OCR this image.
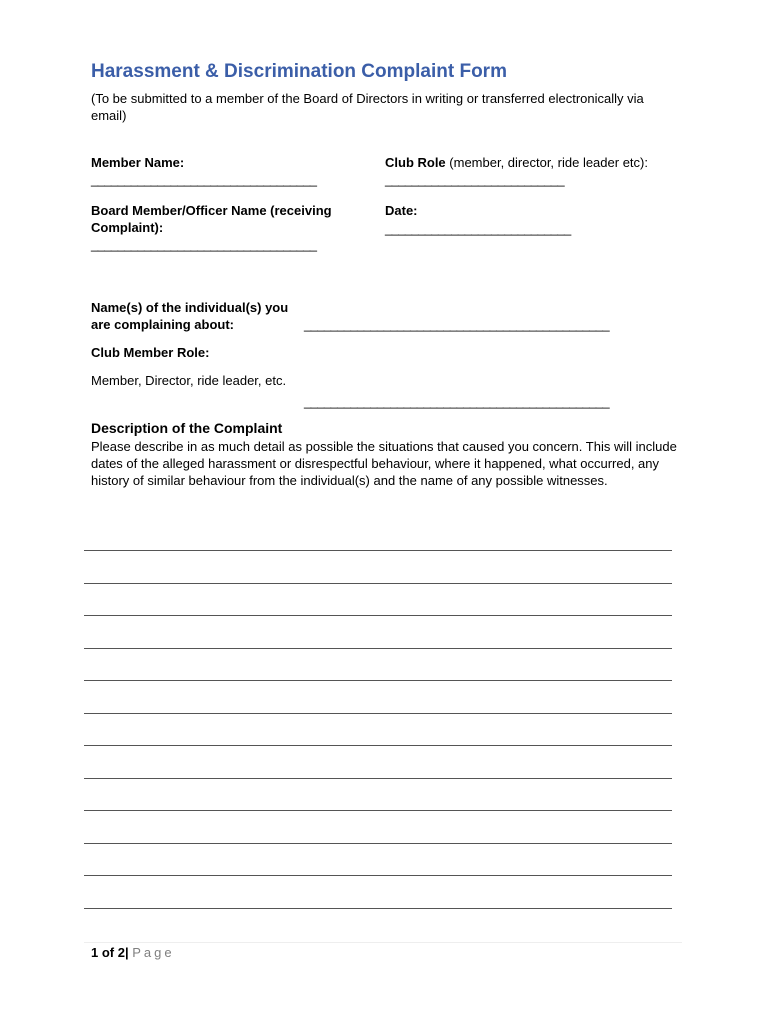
Harassment & Discrimination Complaint Form
(To be submitted to a member of the Board of Directors in writing or transferred electronically via email)
Member Name:
__________________________________
Club Role (member, director, ride leader etc): ___________________________
Board Member/Officer Name (receiving Complaint):
__________________________________
Date:
____________________________
Name(s) of the individual(s) you are complaining about:	______________________________________________
Club Member Role:
Member, Director, ride leader, etc.
______________________________________________
Description of the Complaint
Please describe in as much detail as possible the situations that caused you concern. This will include dates of the alleged harassment or disrespectful behaviour, where it happened, what occurred, any history of similar behaviour from the individual(s) and the name of any possible witnesses.
1 of 2| Page
